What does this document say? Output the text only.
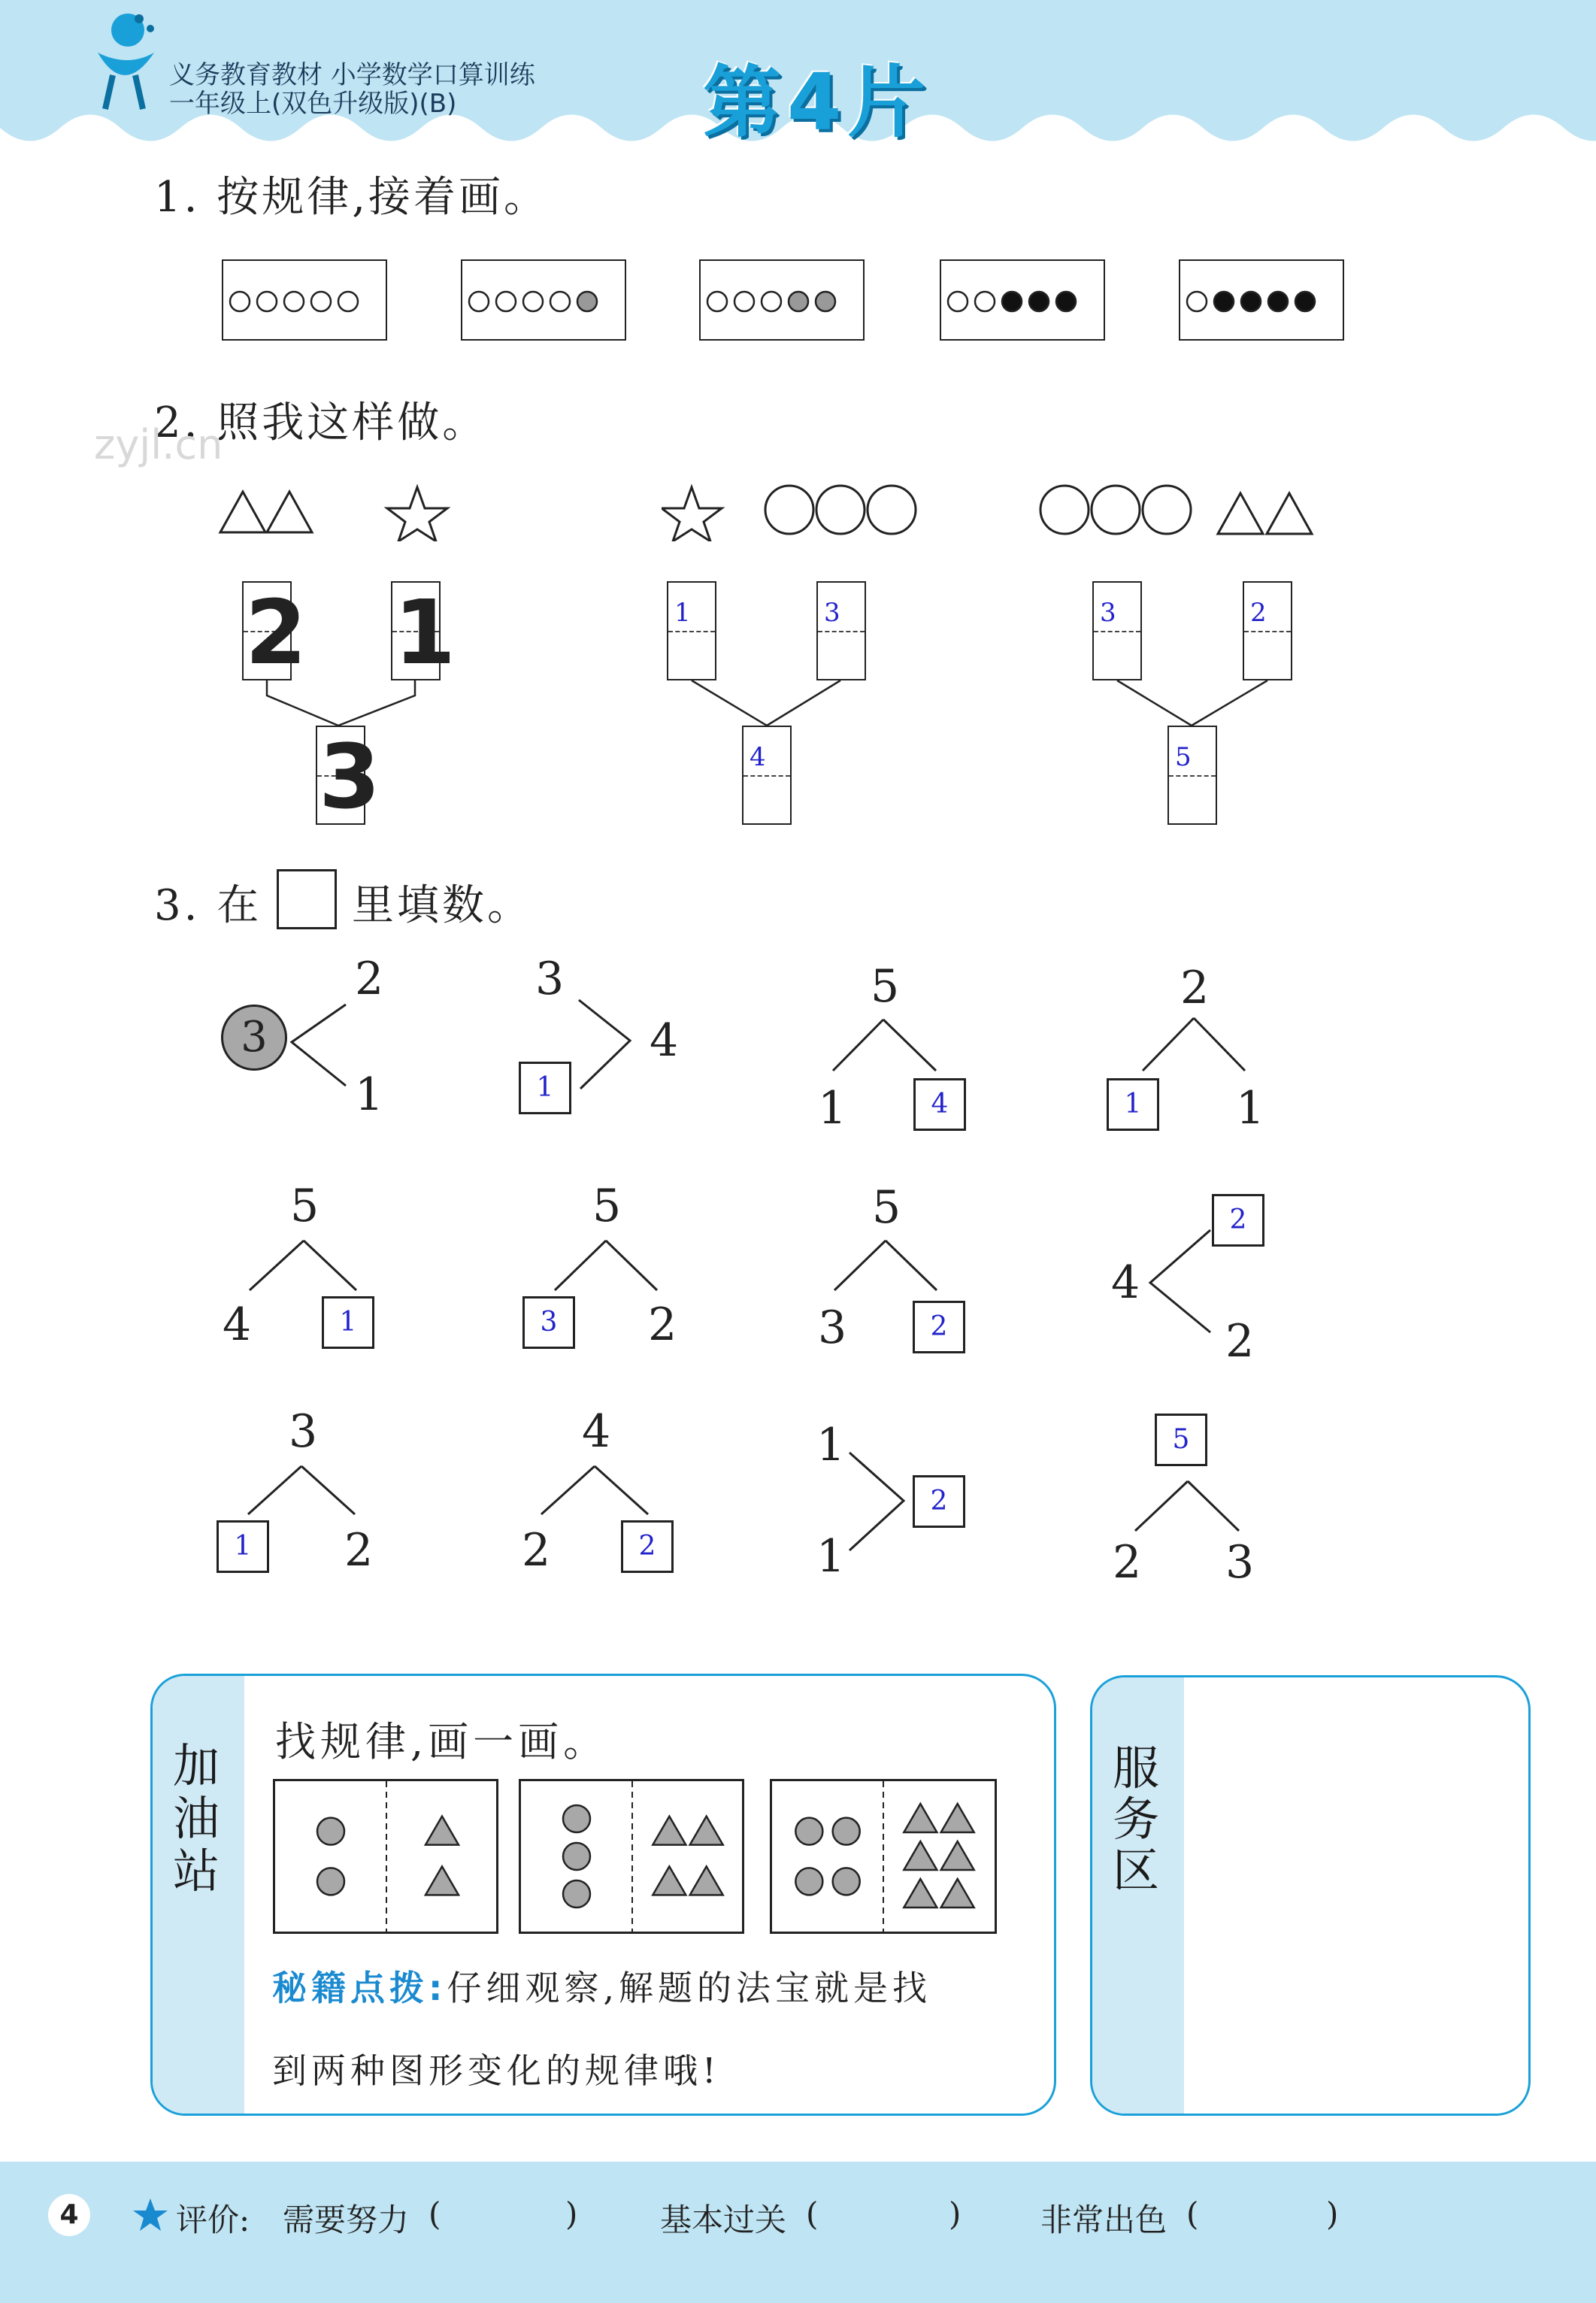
义务教育教材 小学数学口算训练
一年级上(双色升级版)(B)	第4片
1. 按规律,接着画。
2. 照我这样做。
zyjl.cn
2 1
3
1	3
4
3	2
5
3. 在 里填数。
3
2
1
3
4
1
5
1	4
2
1	1
5
4	1
5
3	2
5
3	2
2
4
2
3
1	2
4
2	2
1
1
2
5
2 3
加油站
找规律,画一画。
秘籍点拨:仔细观察,解题的法宝就是找
到两种图形变化的规律哦!
服务区
4	评价: 需要努力 (	)	基本过关 (	)	非常出色 (	)
